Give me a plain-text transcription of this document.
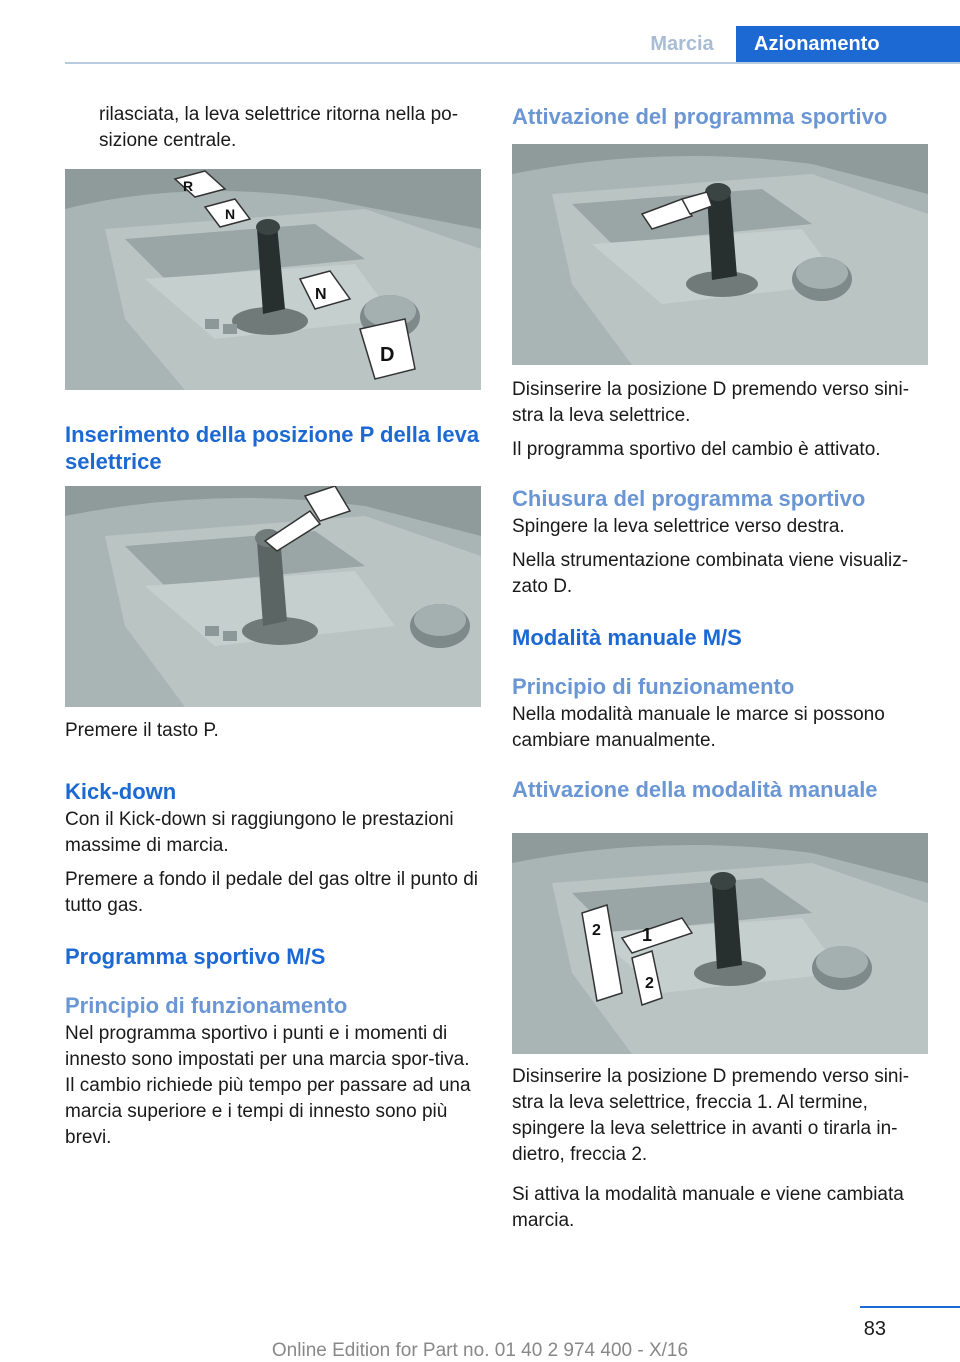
Marcia	Azionamento

rilasciata, la leva selettrice ritorna nella po-sizione centrale.

R
N
N
D

Inserimento della posizione P della leva selettrice

Premere il tasto P.

Kick-down

Con il Kick-down si raggiungono le prestazioni massime di marcia.

Premere a fondo il pedale del gas oltre il punto di tutto gas.

Programma sportivo M/S

Principio di funzionamento

Nel programma sportivo i punti e i momenti di innesto sono impostati per una marcia spor-tiva. Il cambio richiede più tempo per passare ad una marcia superiore e i tempi di innesto sono più brevi.

Attivazione del programma sportivo

Disinserire la posizione D premendo verso sini-stra la leva selettrice.

Il programma sportivo del cambio è attivato.

Chiusura del programma sportivo

Spingere la leva selettrice verso destra.

Nella strumentazione combinata viene visualiz-zato D.

Modalità manuale M/S

Principio di funzionamento

Nella modalità manuale le marce si possono cambiare manualmente.

Attivazione della modalità manuale

2 1
2

Disinserire la posizione D premendo verso sini-stra la leva selettrice, freccia 1. Al termine, spingere la leva selettrice in avanti o tirarla in-dietro, freccia 2.

Si attiva la modalità manuale e viene cambiata marcia.

83
Online Edition for Part no. 01 40 2 974 400 - X/16
